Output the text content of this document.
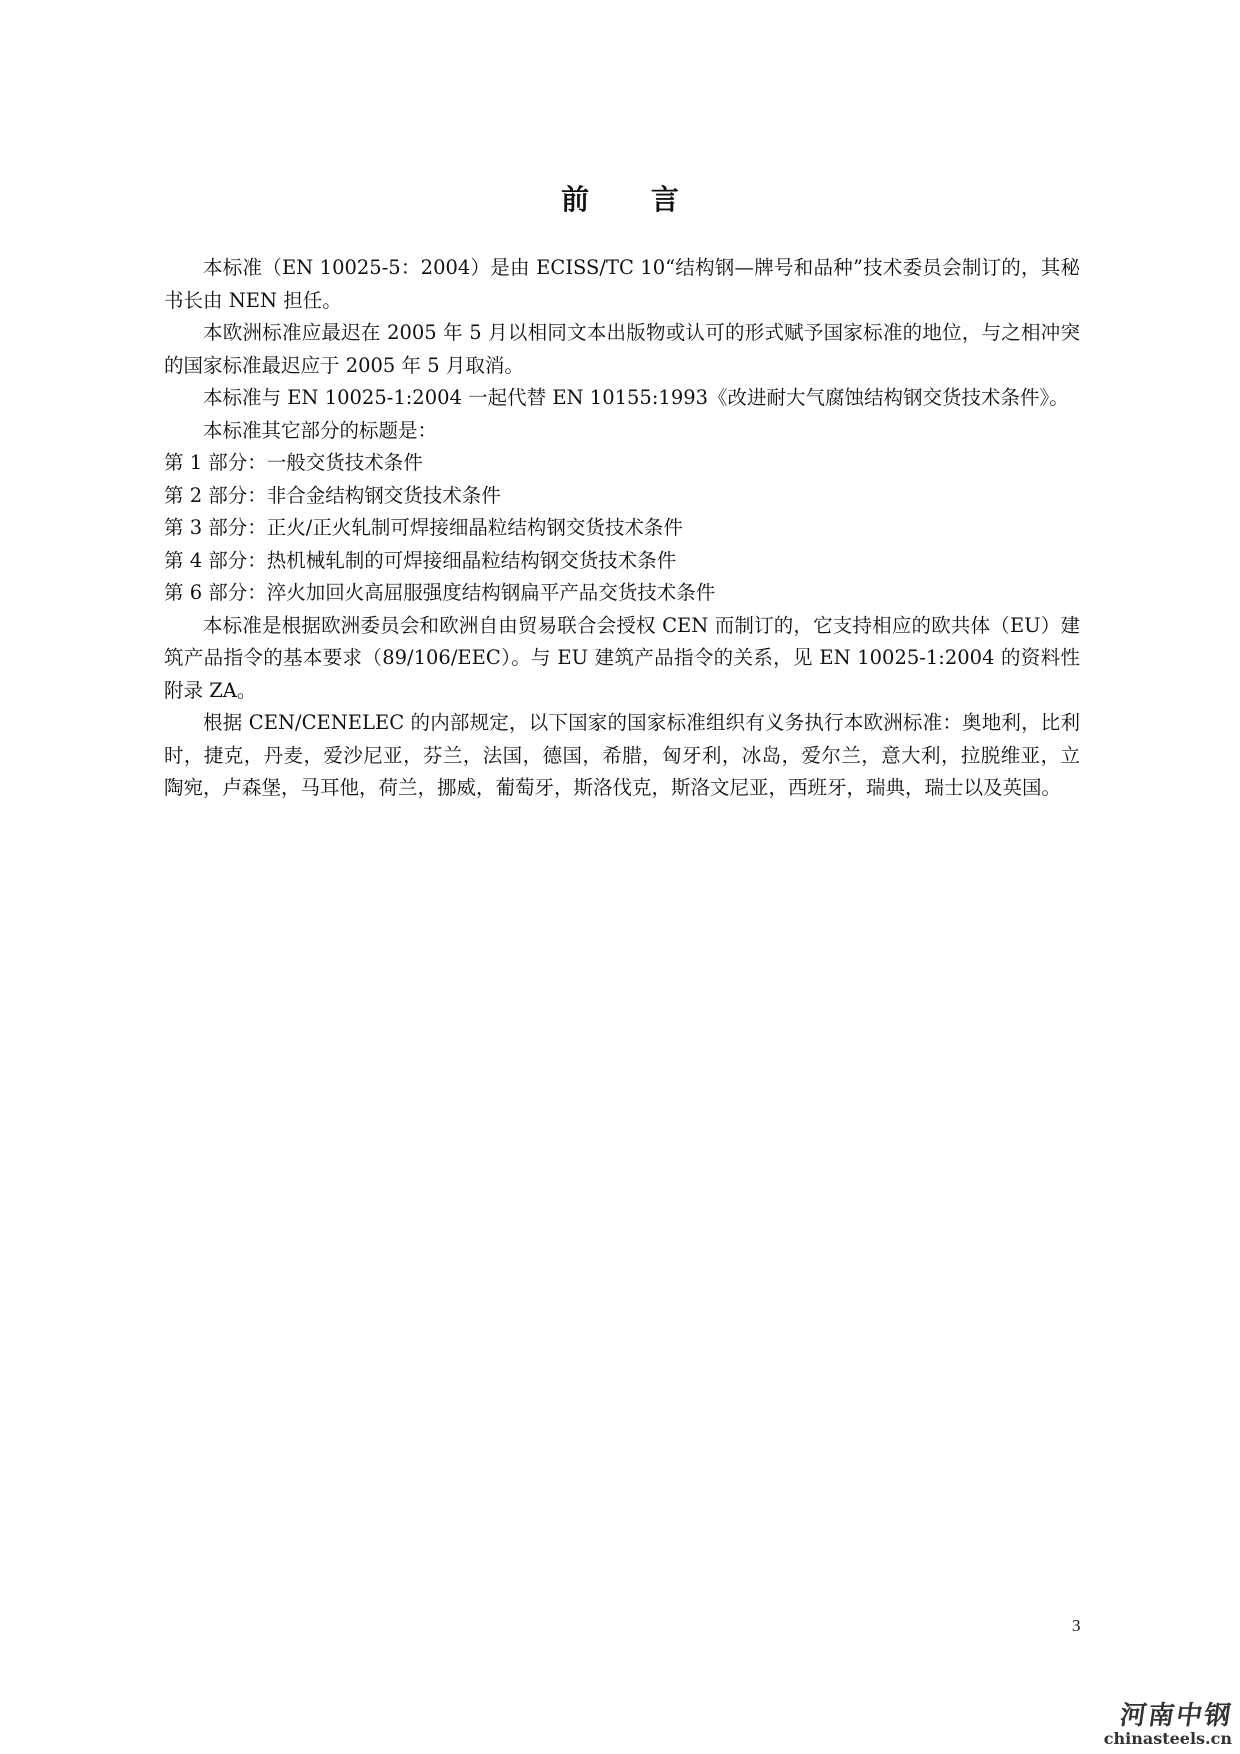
前 言

本标准（EN 10025-5：2004）是由 ECISS/TC 10“结构钢—牌号和品种”技术委员会制订的，其秘书长由 NEN 担任。

本欧洲标准应最迟在 2005 年 5 月以相同文本出版物或认可的形式赋予国家标准的地位，与之相冲突的国家标准最迟应于 2005 年 5 月取消。

本标准与 EN 10025-1:2004 一起代替 EN 10155:1993《改进耐大气腐蚀结构钢交货技术条件》。

本标准其它部分的标题是：

第 1 部分：一般交货技术条件

第 2 部分：非合金结构钢交货技术条件

第 3 部分：正火/正火轧制可焊接细晶粒结构钢交货技术条件

第 4 部分：热机械轧制的可焊接细晶粒结构钢交货技术条件

第 6 部分：淬火加回火高屈服强度结构钢扁平产品交货技术条件

本标准是根据欧洲委员会和欧洲自由贸易联合会授权 CEN 而制订的，它支持相应的欧共体（EU）建筑产品指令的基本要求（89/106/EEC）。与 EU 建筑产品指令的关系，见 EN 10025-1:2004 的资料性附录 ZA。

根据 CEN/CENELEC 的内部规定，以下国家的国家标准组织有义务执行本欧洲标准：奥地利，比利时，捷克，丹麦，爱沙尼亚，芬兰，法国，德国，希腊，匈牙利，冰岛，爱尔兰，意大利，拉脱维亚，立陶宛，卢森堡，马耳他，荷兰，挪威，葡萄牙，斯洛伐克，斯洛文尼亚，西班牙，瑞典，瑞士以及英国。

3
河南中钢
chinasteels.cn
